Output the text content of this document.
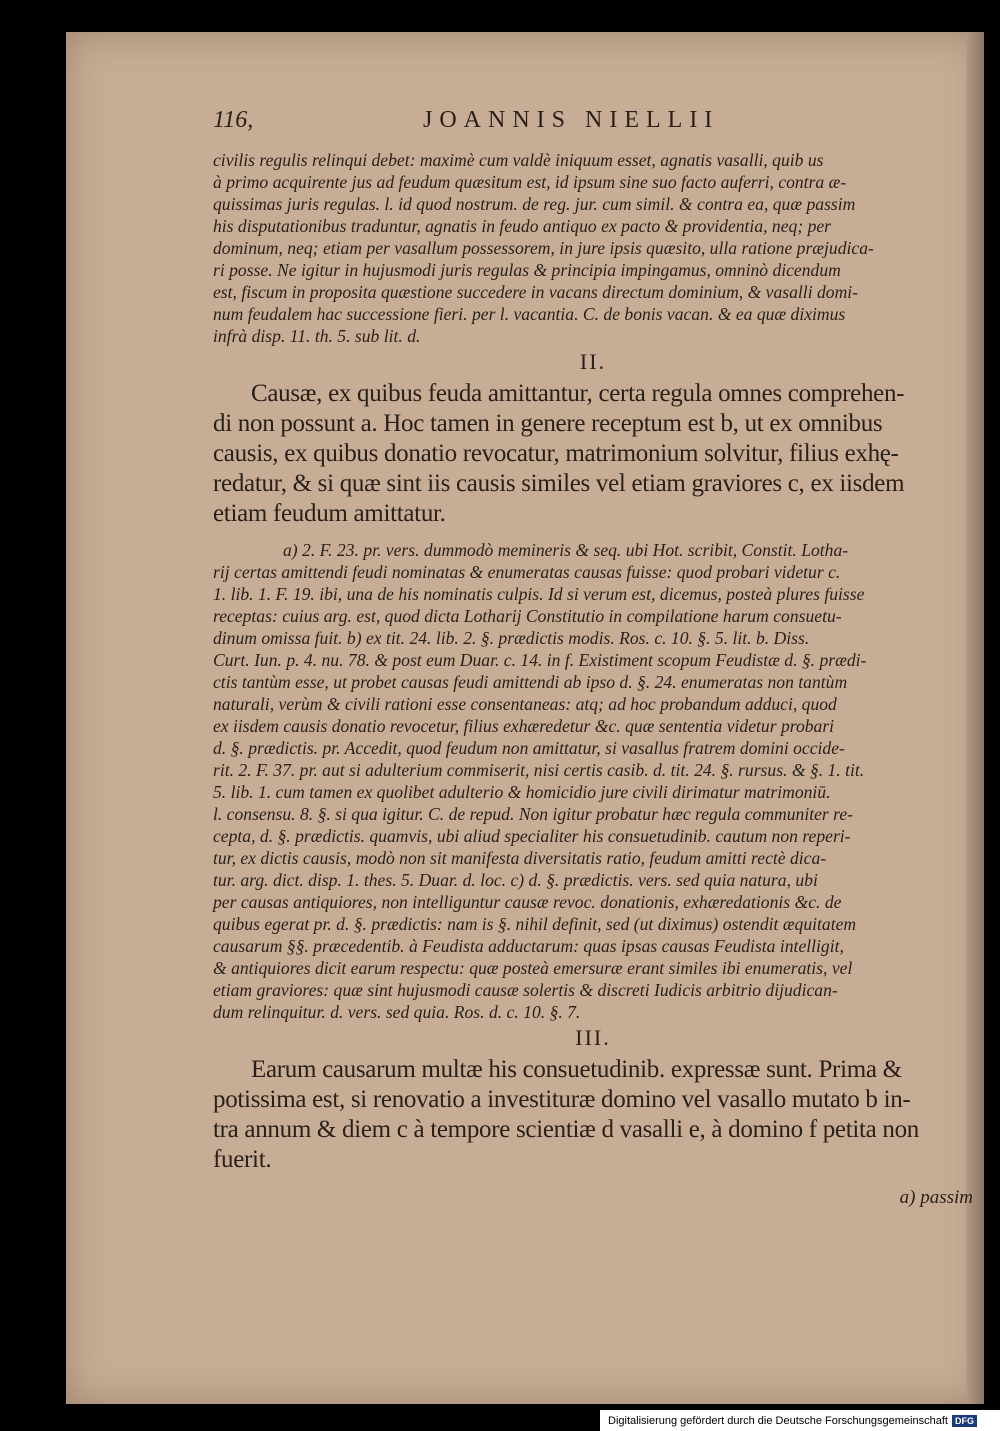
116,	JOANNIS NIELLII

civilis regulis relinqui debet: maximè cum valdè iniquum esset, agnatis vasalli, quib us

à primo acquirente jus ad feudum quæsitum est, id ipsum sine suo facto auferri, contra æ-

quissimas juris regulas. l. id quod nostrum. de reg. jur. cum simil. & contra ea, quæ passim

his disputationibus traduntur, agnatis in feudo antiquo ex pacto & providentia, neq; per

dominum, neq; etiam per vasallum possessorem, in jure ipsis quæsito, ulla ratione præjudica-

ri posse. Ne igitur in hujusmodi juris regulas & principia impingamus, omninò dicendum

est, fiscum in proposita quæstione succedere in vacans directum dominium, & vasalli domi-

num feudalem hac successione fieri. per l. vacantia. C. de bonis vacan. & ea quæ diximus

infrà disp. 11. th. 5. sub lit. d.

II.

Causæ, ex quibus feuda amittantur, certa regula omnes comprehen-

di non possunt a. Hoc tamen in genere receptum est b, ut ex omnibus

causis, ex quibus donatio revocatur, matrimonium solvitur, filius exhę-

redatur, & si quæ sint iis causis similes vel etiam graviores c, ex iisdem

etiam feudum amittatur.

a) 2. F. 23. pr. vers. dummodò memineris & seq. ubi Hot. scribit, Constit. Lotha-

rij certas amittendi feudi nominatas & enumeratas causas fuisse: quod probari videtur c.

1. lib. 1. F. 19. ibi, una de his nominatis culpis. Id si verum est, dicemus, posteà plures fuisse

receptas: cuius arg. est, quod dicta Lotharij Constitutio in compilatione harum consuetu-

dinum omissa fuit. b) ex tit. 24. lib. 2. §. prædictis modis. Ros. c. 10. §. 5. lit. b. Diss.

Curt. Iun. p. 4. nu. 78. & post eum Duar. c. 14. in f. Existiment scopum Feudistæ d. §. prædi-

ctis tantùm esse, ut probet causas feudi amittendi ab ipso d. §. 24. enumeratas non tantùm

naturali, verùm & civili rationi esse consentaneas: atq; ad hoc probandum adduci, quod

ex iisdem causis donatio revocetur, filius exhæredetur &c. quæ sententia videtur probari

d. §. prædictis. pr. Accedit, quod feudum non amittatur, si vasallus fratrem domini occide-

rit. 2. F. 37. pr. aut si adulterium commiserit, nisi certis casib. d. tit. 24. §. rursus. & §. 1. tit.

5. lib. 1. cum tamen ex quolibet adulterio & homicidio jure civili dirimatur matrimoniū.

l. consensu. 8. §. si qua igitur. C. de repud. Non igitur probatur hæc regula communiter re-

cepta, d. §. prædictis. quamvis, ubi aliud specialiter his consuetudinib. cautum non reperi-

tur, ex dictis causis, modò non sit manifesta diversitatis ratio, feudum amitti rectè dica-

tur. arg. dict. disp. 1. thes. 5. Duar. d. loc. c) d. §. prædictis. vers. sed quia natura, ubi

per causas antiquiores, non intelliguntur causæ revoc. donationis, exhæredationis &c. de

quibus egerat pr. d. §. prædictis: nam is §. nihil definit, sed (ut diximus) ostendit æquitatem

causarum §§. præcedentib. à Feudista adductarum: quas ipsas causas Feudista intelligit,

& antiquiores dicit earum respectu: quæ posteà emersuræ erant similes ibi enumeratis, vel

etiam graviores: quæ sint hujusmodi causæ solertis & discreti Iudicis arbitrio dijudican-

dum relinquitur. d. vers. sed quia. Ros. d. c. 10. §. 7.

III.

Earum causarum multæ his consuetudinib. expressæ sunt. Prima &

potissima est, si renovatio a investituræ domino vel vasallo mutato b in-

tra annum & diem c à tempore scientiæ d vasalli e, à domino f petita non

fuerit.

a) passim
Digitalisierung gefördert durch die Deutsche Forschungsgemeinschaft DFG
